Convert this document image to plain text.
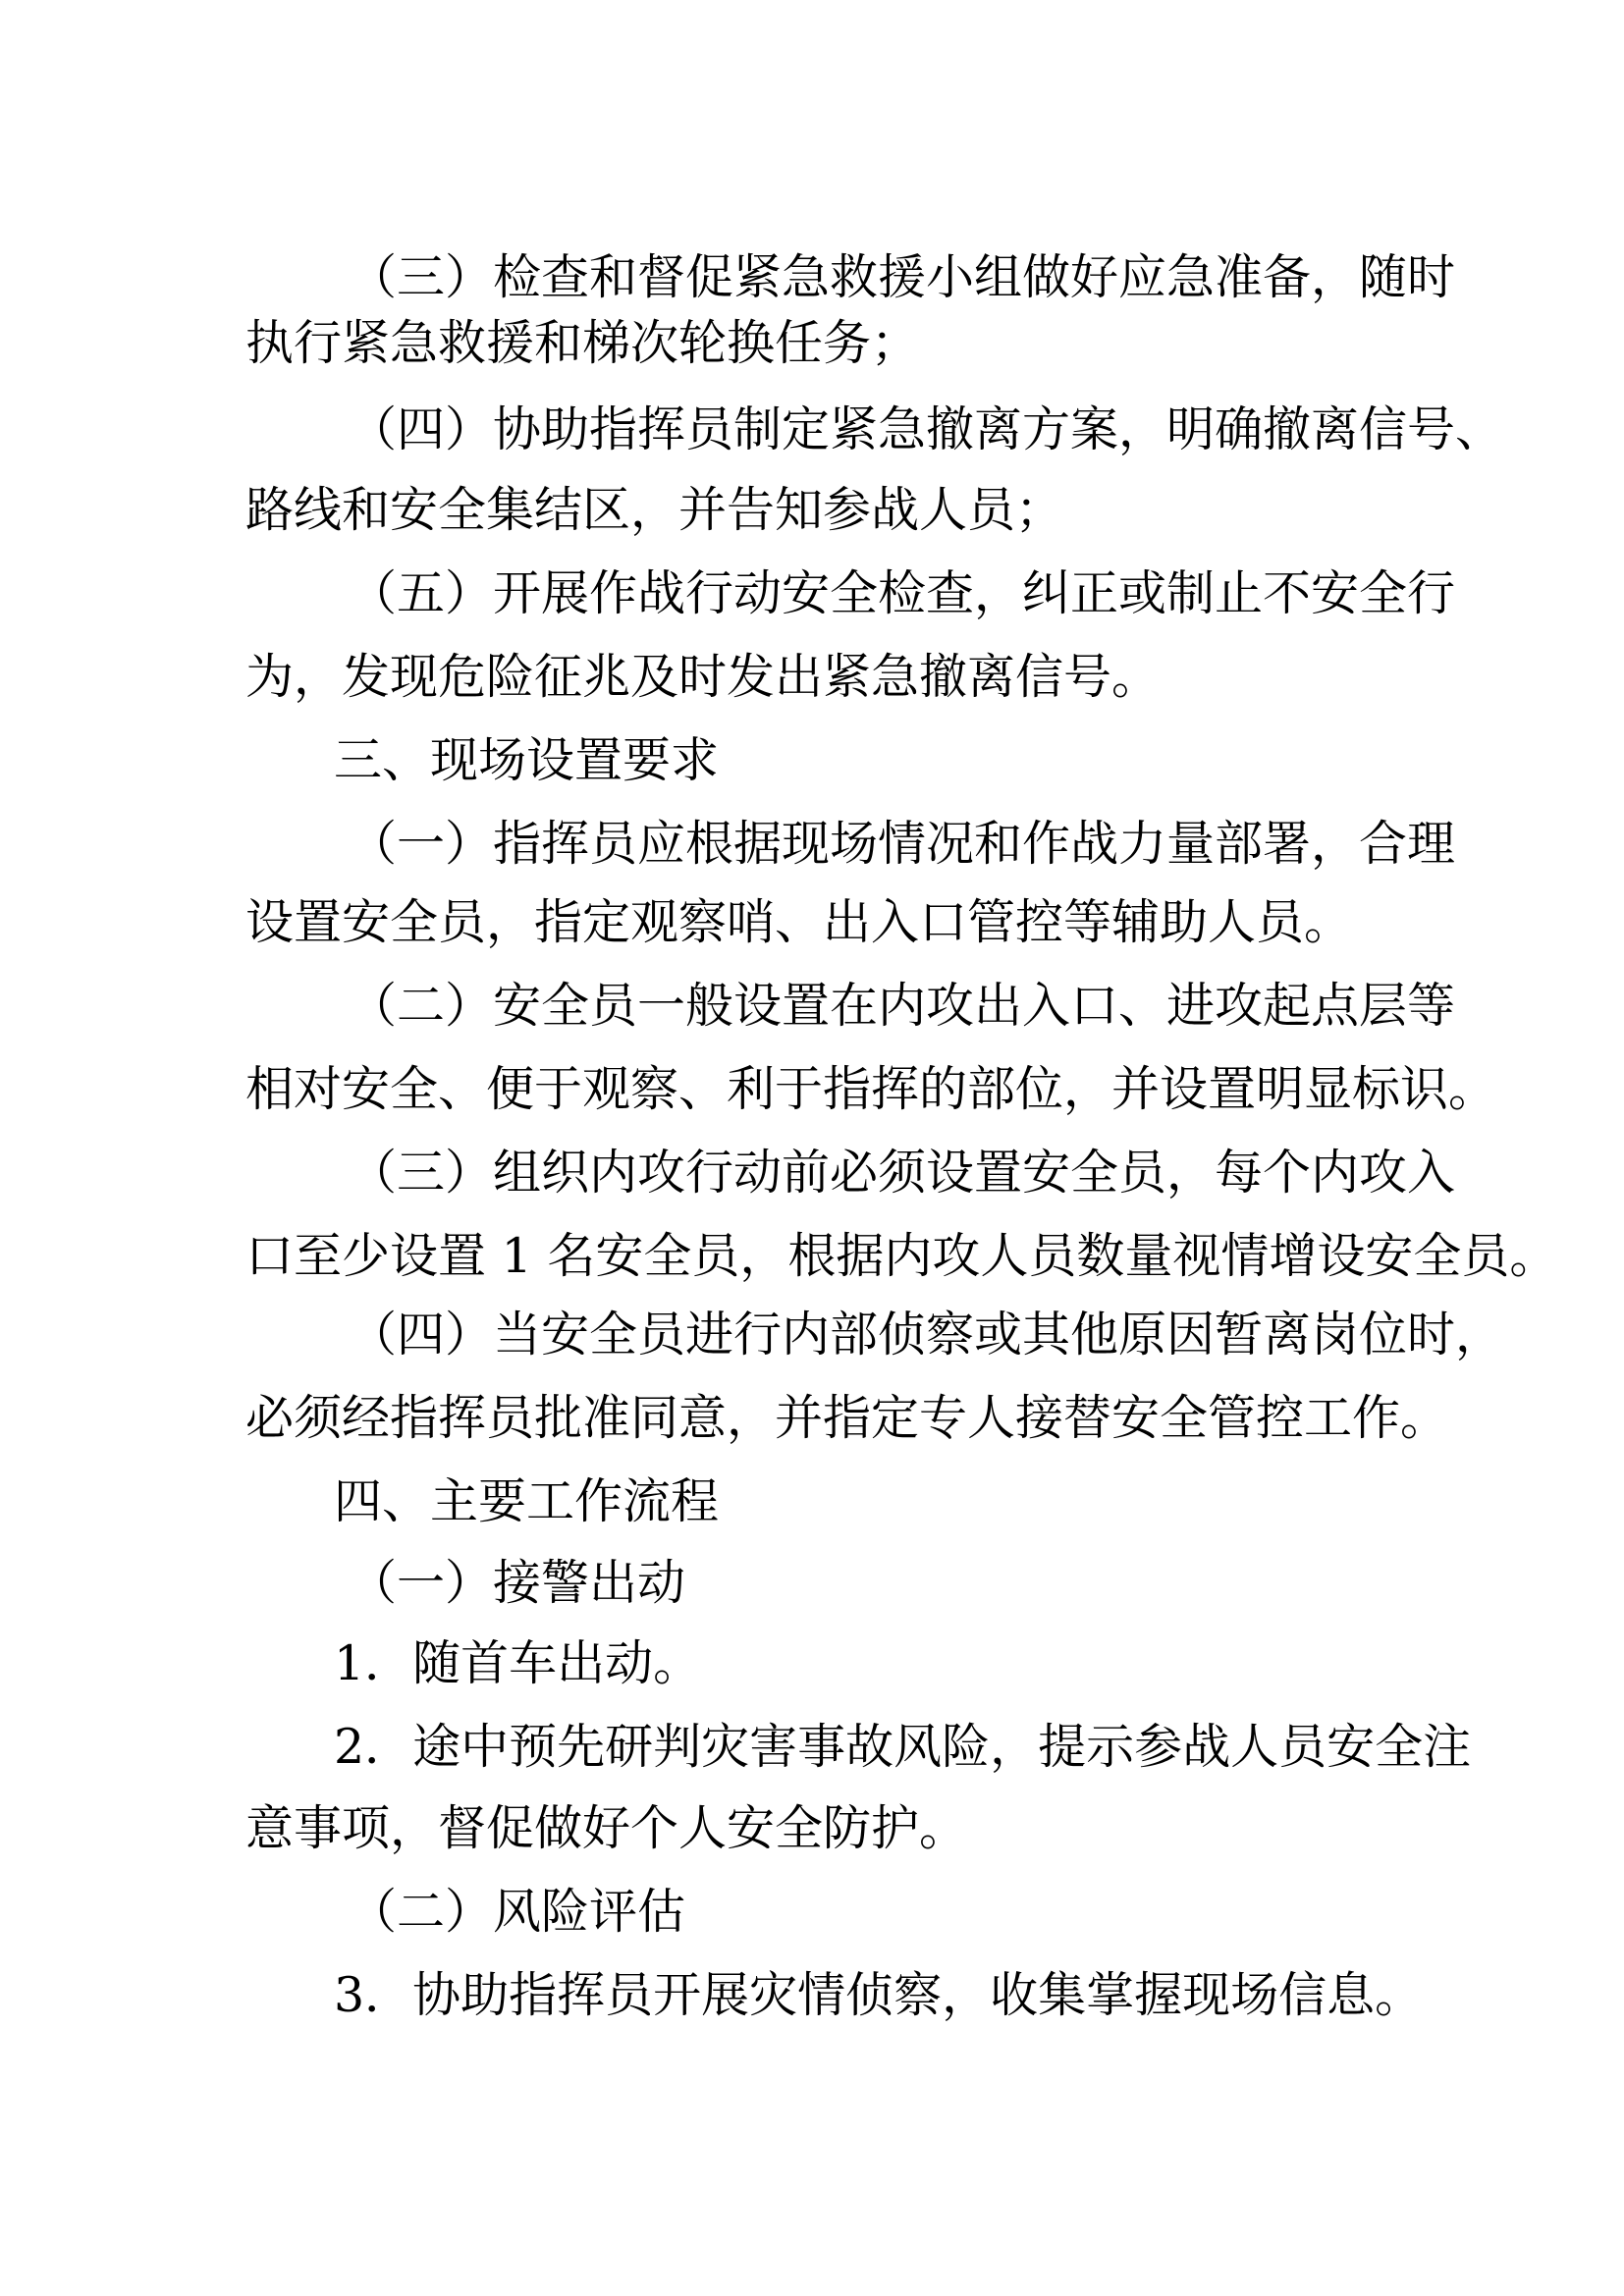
（三）检查和督促紧急救援小组做好应急准备，随时
执行紧急救援和梯次轮换任务；
（四）协助指挥员制定紧急撤离方案，明确撤离信号、
路线和安全集结区，并告知参战人员；
（五）开展作战行动安全检查，纠正或制止不安全行
为，发现危险征兆及时发出紧急撤离信号。
三、现场设置要求
（一）指挥员应根据现场情况和作战力量部署，合理
设置安全员，指定观察哨、出入口管控等辅助人员。
（二）安全员一般设置在内攻出入口、进攻起点层等
相对安全、便于观察、利于指挥的部位，并设置明显标识。
（三）组织内攻行动前必须设置安全员，每个内攻入
口至少设置 1 名安全员，根据内攻人员数量视情增设安全员。
（四）当安全员进行内部侦察或其他原因暂离岗位时，
必须经指挥员批准同意，并指定专人接替安全管控工作。
四、主要工作流程
（一）接警出动
1．随首车出动。
2．途中预先研判灾害事故风险，提示参战人员安全注
意事项，督促做好个人安全防护。
（二）风险评估
3．协助指挥员开展灾情侦察，收集掌握现场信息。
